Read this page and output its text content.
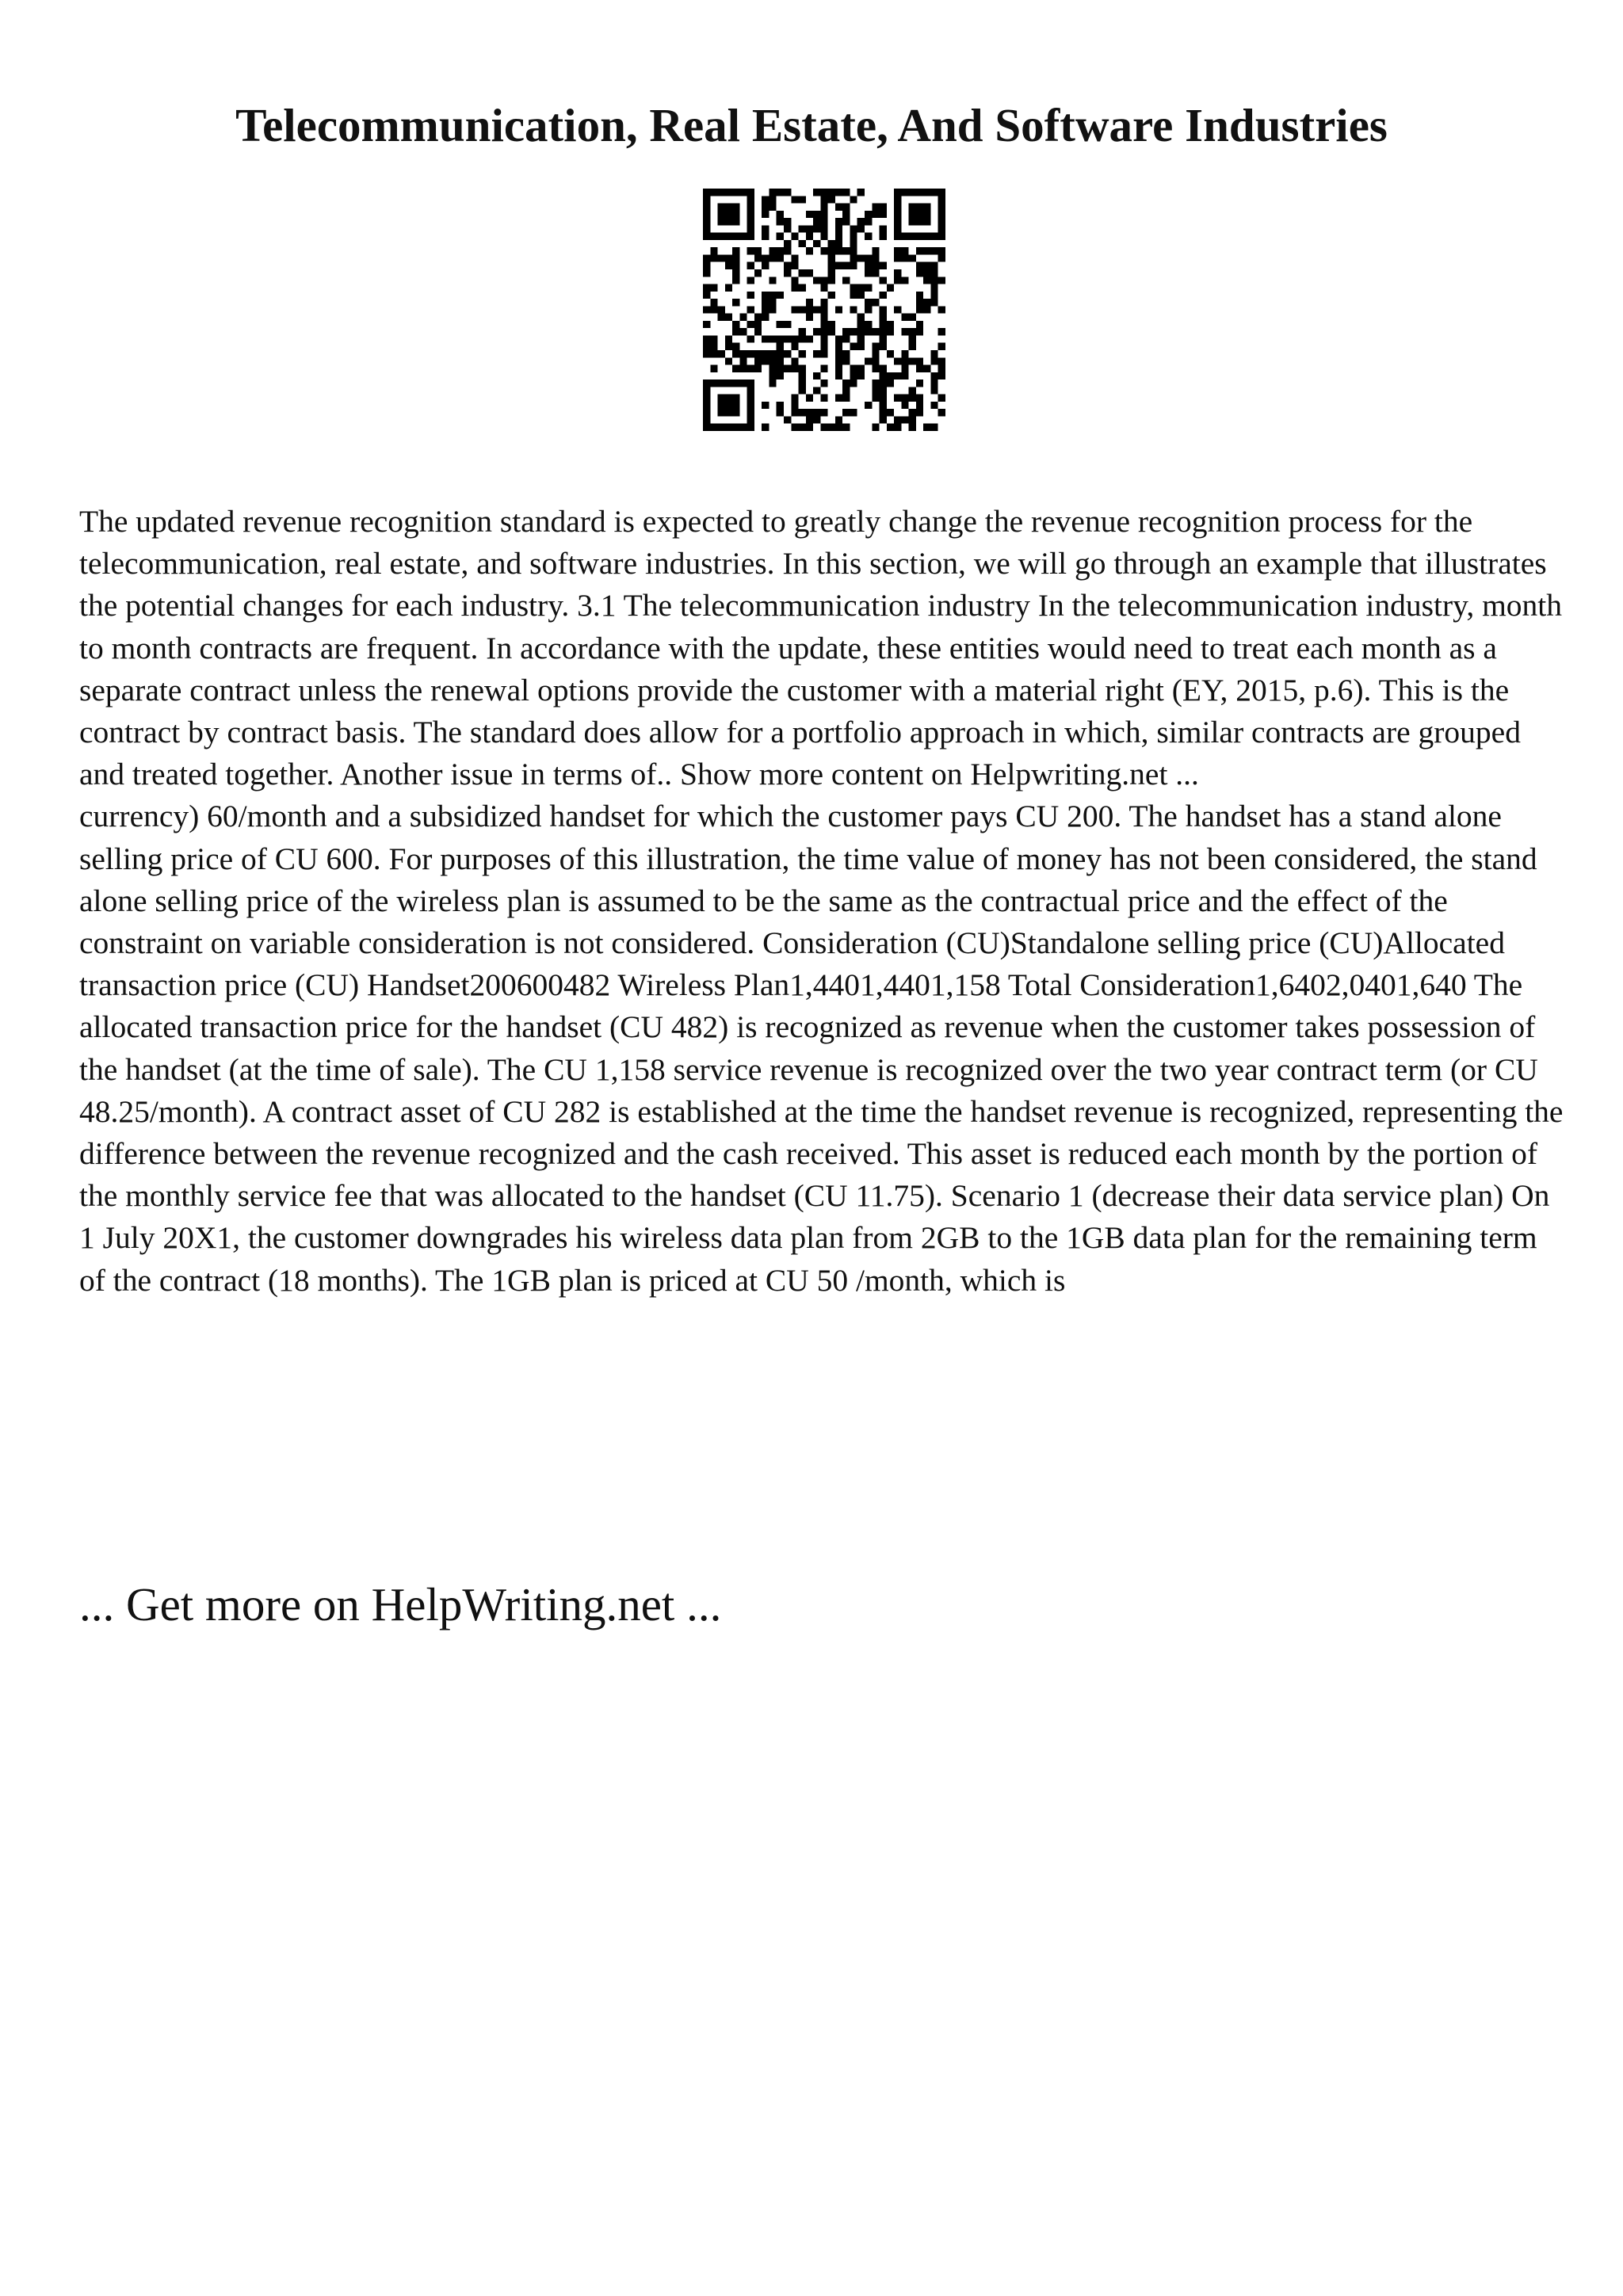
Telecommunication, Real Estate, And Software Industries

The updated revenue recognition standard is expected to greatly change the revenue recognition process for the telecommunication, real estate, and software industries. In this section, we will go through an example that illustrates the potential changes for each industry. 3.1 The telecommunication industry In the telecommunication industry, month to month contracts are frequent. In accordance with the update, these entities would need to treat each month as a separate contract unless the renewal options provide the customer with a material right (EY, 2015, p.6). This is the contract by contract basis. The standard does allow for a portfolio approach in which, similar contracts are grouped and treated together. Another issue in terms of.. Show more content on Helpwriting.net ...

currency) 60/month and a subsidized handset for which the customer pays CU 200. The handset has a stand alone selling price of CU 600. For purposes of this illustration, the time value of money has not been considered, the stand alone selling price of the wireless plan is assumed to be the same as the contractual price and the effect of the constraint on variable consideration is not considered. Consideration (CU)Standalone selling price (CU)Allocated transaction price (CU) Handset200600482 Wireless Plan1,4401,4401,158 Total Consideration1,6402,0401,640 The allocated transaction price for the handset (CU 482) is recognized as revenue when the customer takes possession of the handset (at the time of sale). The CU 1,158 service revenue is recognized over the two year contract term (or CU 48.25/month). A contract asset of CU 282 is established at the time the handset revenue is recognized, representing the difference between the revenue recognized and the cash received. This asset is reduced each month by the portion of the monthly service fee that was allocated to the handset (CU 11.75). Scenario 1 (decrease their data service plan) On 1 July 20X1, the customer downgrades his wireless data plan from 2GB to the 1GB data plan for the remaining term of the contract (18 months). The 1GB plan is priced at CU 50 /month, which is

... Get more on HelpWriting.net ...
